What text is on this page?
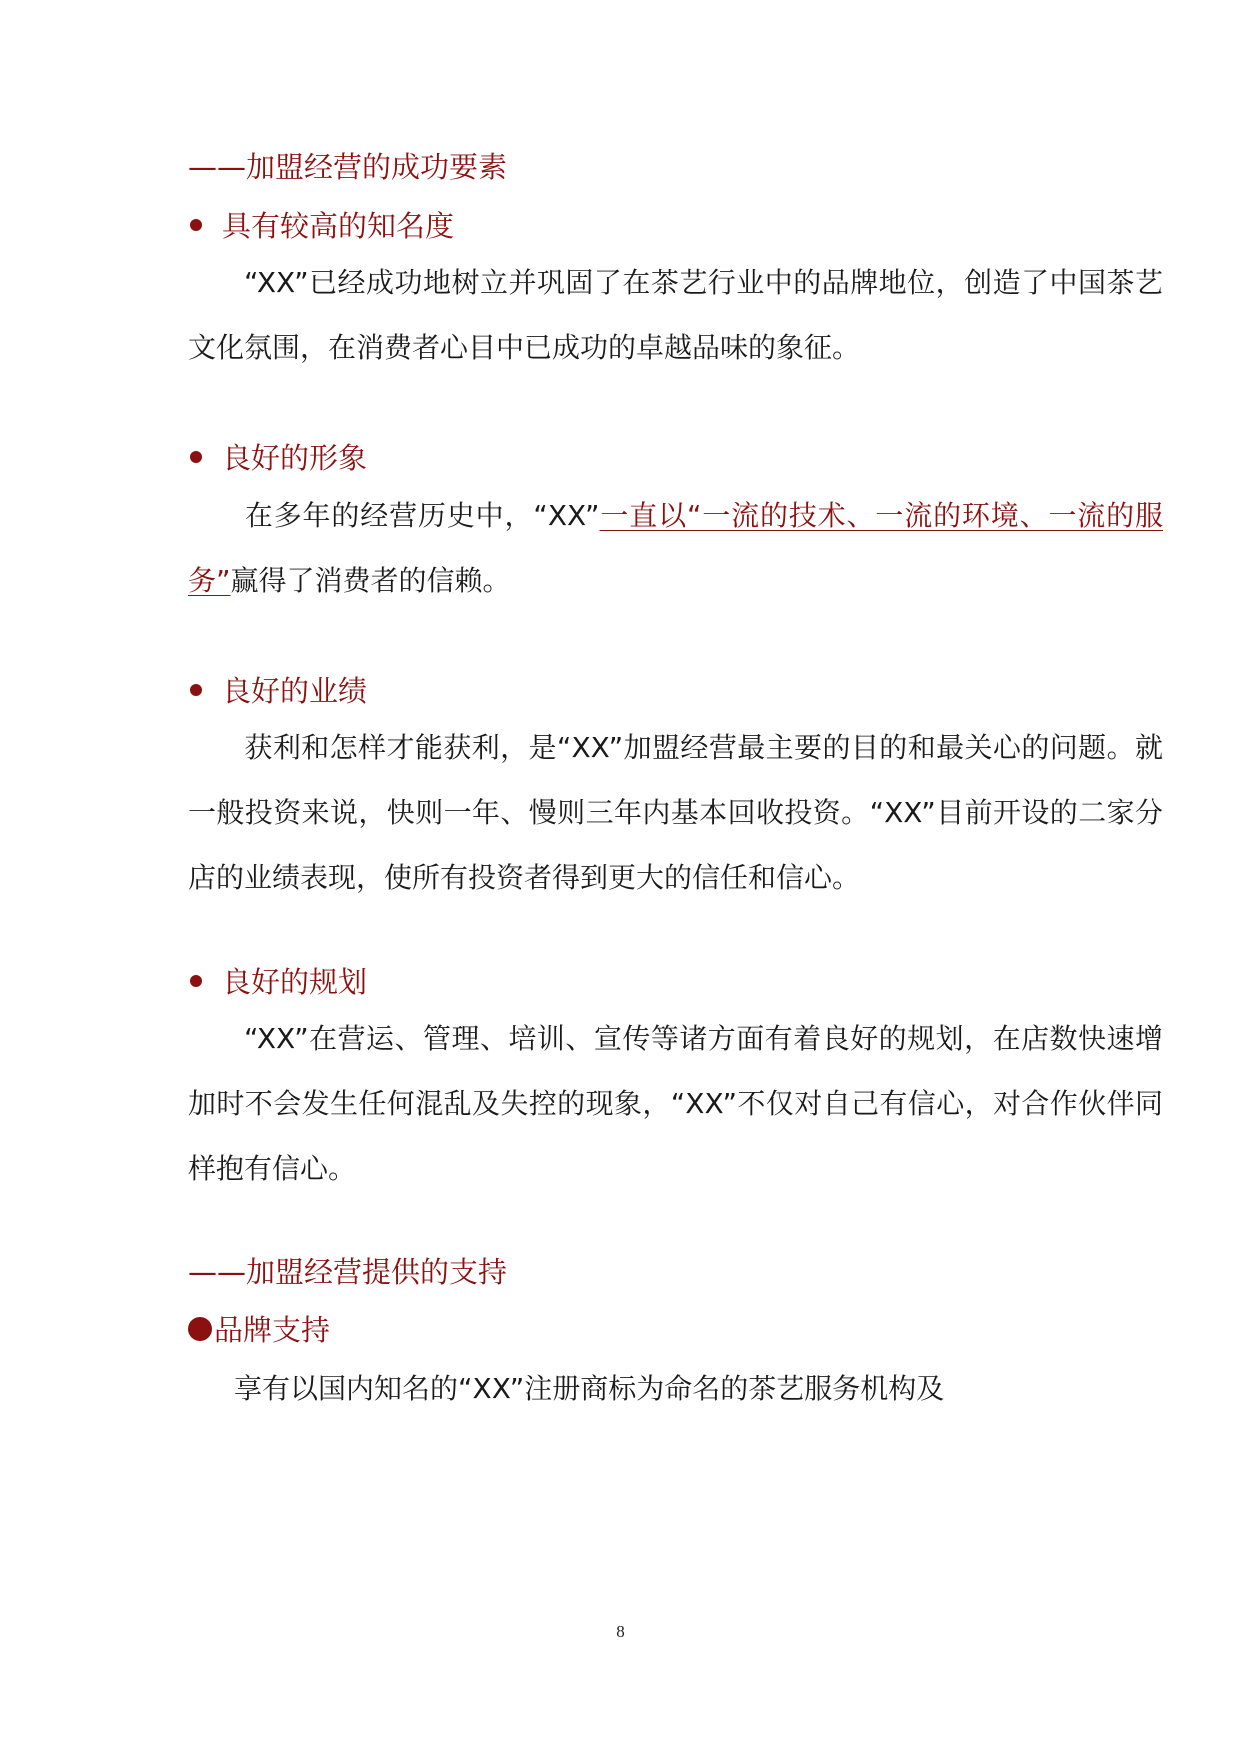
——加盟经营的成功要素
具有较高的知名度
“XX”已经成功地树立并巩固了在茶艺行业中的品牌地位，创造了中国茶艺文化氛围，在消费者心目中已成功的卓越品味的象征。
良好的形象
在多年的经营历史中，“XX”一直以“一流的技术、一流的环境、一流的服务”赢得了消费者的信赖。
良好的业绩
获利和怎样才能获利，是“XX”加盟经营最主要的目的和最关心的问题。就一般投资来说，快则一年、慢则三年内基本回收投资。“XX”目前开设的二家分店的业绩表现，使所有投资者得到更大的信任和信心。
良好的规划
“XX”在营运、管理、培训、宣传等诸方面有着良好的规划，在店数快速增加时不会发生任何混乱及失控的现象，“XX”不仅对自己有信心，对合作伙伴同样抱有信心。
——加盟经营提供的支持
品牌支持
享有以国内知名的“XX”注册商标为命名的茶艺服务机构及
8
